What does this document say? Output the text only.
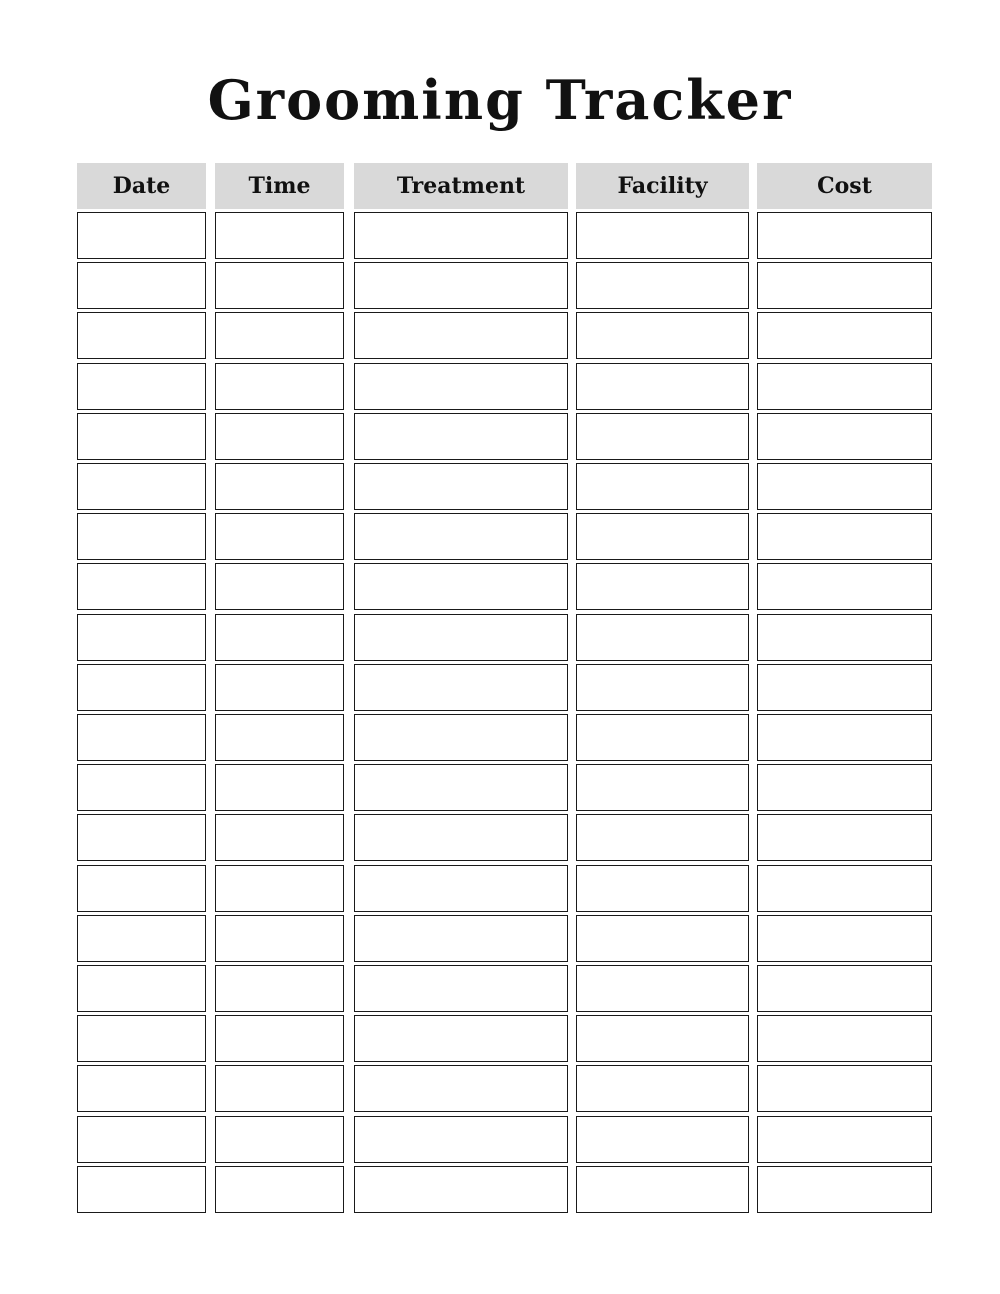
Grooming Tracker
Date	Time	Treatment	Facility	Cost
